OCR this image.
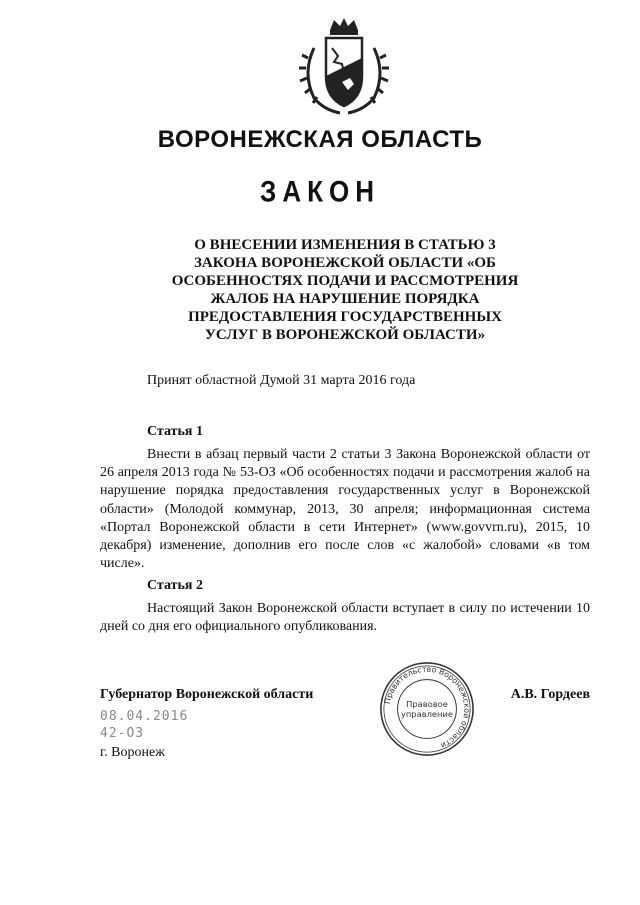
ВОРОНЕЖСКАЯ ОБЛАСТЬ
ЗАКОН
О ВНЕСЕНИИ ИЗМЕНЕНИЯ В СТАТЬЮ 3
ЗАКОНА ВОРОНЕЖСКОЙ ОБЛАСТИ «ОБ
ОСОБЕННОСТЯХ ПОДАЧИ И РАССМОТРЕНИЯ
ЖАЛОБ НА НАРУШЕНИЕ ПОРЯДКА
ПРЕДОСТАВЛЕНИЯ ГОСУДАРСТВЕННЫХ
УСЛУГ В ВОРОНЕЖСКОЙ ОБЛАСТИ»
Принят областной Думой 31 марта 2016 года
Статья 1
Внести в абзац первый части 2 статьи 3 Закона Воронежской области от 26 апреля 2013 года № 53-ОЗ «Об особенностях подачи и рассмотрения жалоб на нарушение порядка предоставления государственных услуг в Воронежской области» (Молодой коммунар, 2013, 30 апреля; информационная система «Портал Воронежской области в сети Интернет» (www.govvrn.ru), 2015, 10 декабря) изменение, дополнив его после слов «с жалобой» словами «в том числе».
Статья 2
Настоящий Закон Воронежской области вступает в силу по истечении 10 дней со дня его официального опубликования.
Губернатор Воронежской области	А.В. Гордеев
08.04.2016
42-ОЗ
г. Воронеж
Правительство Воронежской области
Правовое
управление
